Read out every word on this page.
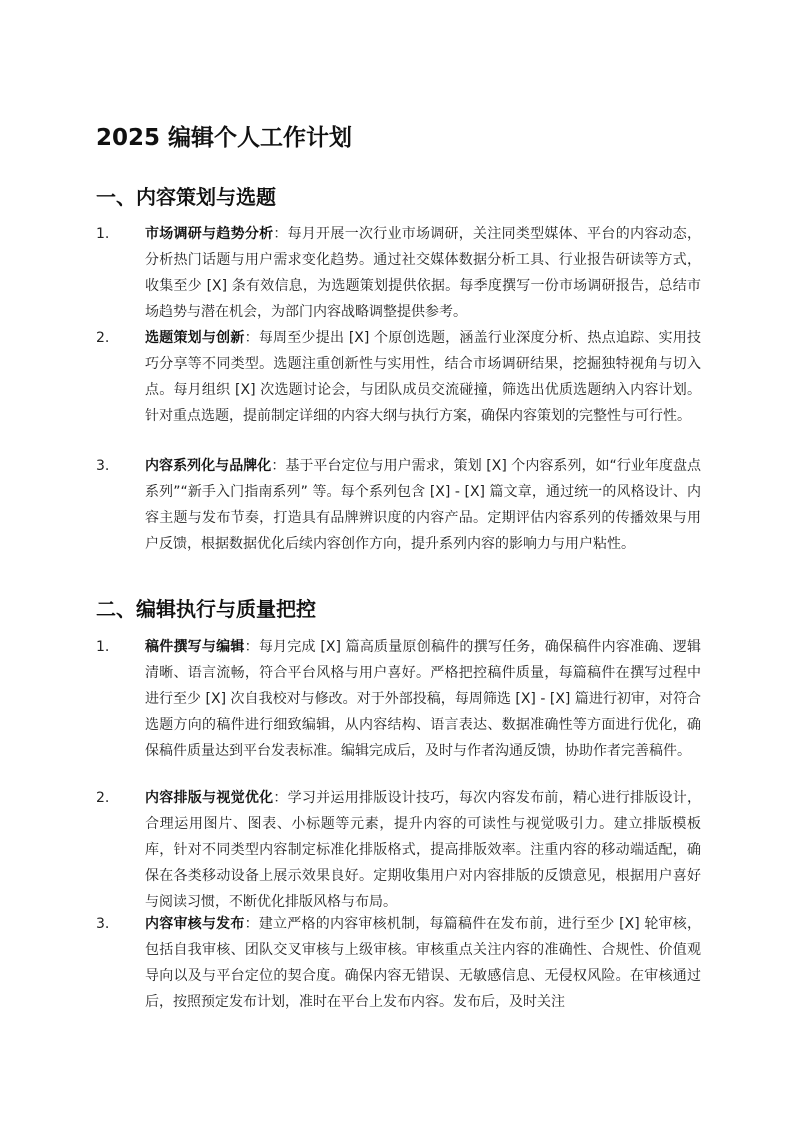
2025 编辑个人工作计划
一、内容策划与选题
1.	市场调研与趋势分析：每月开展一次行业市场调研，关注同类型媒体、平台的内容动态，分析热门话题与用户需求变化趋势。通过社交媒体数据分析工具、行业报告研读等方式，收集至少 [X] 条有效信息，为选题策划提供依据。每季度撰写一份市场调研报告，总结市场趋势与潜在机会，为部门内容战略调整提供参考。

2.	选题策划与创新：每周至少提出 [X] 个原创选题，涵盖行业深度分析、热点追踪、实用技巧分享等不同类型。选题注重创新性与实用性，结合市场调研结果，挖掘独特视角与切入点。每月组织 [X] 次选题讨论会，与团队成员交流碰撞，筛选出优质选题纳入内容计划。针对重点选题，提前制定详细的内容大纲与执行方案，确保内容策划的完整性与可行性。

3.	内容系列化与品牌化：基于平台定位与用户需求，策划 [X] 个内容系列，如“行业年度盘点系列”“新手入门指南系列” 等。每个系列包含 [X] - [X] 篇文章，通过统一的风格设计、内容主题与发布节奏，打造具有品牌辨识度的内容产品。定期评估内容系列的传播效果与用户反馈，根据数据优化后续内容创作方向，提升系列内容的影响力与用户粘性。

二、编辑执行与质量把控
1.	稿件撰写与编辑：每月完成 [X] 篇高质量原创稿件的撰写任务，确保稿件内容准确、逻辑清晰、语言流畅，符合平台风格与用户喜好。严格把控稿件质量，每篇稿件在撰写过程中进行至少 [X] 次自我校对与修改。对于外部投稿，每周筛选 [X] - [X] 篇进行初审，对符合选题方向的稿件进行细致编辑，从内容结构、语言表达、数据准确性等方面进行优化，确保稿件质量达到平台发表标准。编辑完成后，及时与作者沟通反馈，协助作者完善稿件。

2.	内容排版与视觉优化：学习并运用排版设计技巧，每次内容发布前，精心进行排版设计，合理运用图片、图表、小标题等元素，提升内容的可读性与视觉吸引力。建立排版模板库，针对不同类型内容制定标准化排版格式，提高排版效率。注重内容的移动端适配，确保在各类移动设备上展示效果良好。定期收集用户对内容排版的反馈意见，根据用户喜好与阅读习惯，不断优化排版风格与布局。

3.	内容审核与发布：建立严格的内容审核机制，每篇稿件在发布前，进行至少 [X] 轮审核，包括自我审核、团队交叉审核与上级审核。审核重点关注内容的准确性、合规性、价值观导向以及与平台定位的契合度。确保内容无错误、无敏感信息、无侵权风险。在审核通过后，按照预定发布计划，准时在平台上发布内容。发布后，及时关注
